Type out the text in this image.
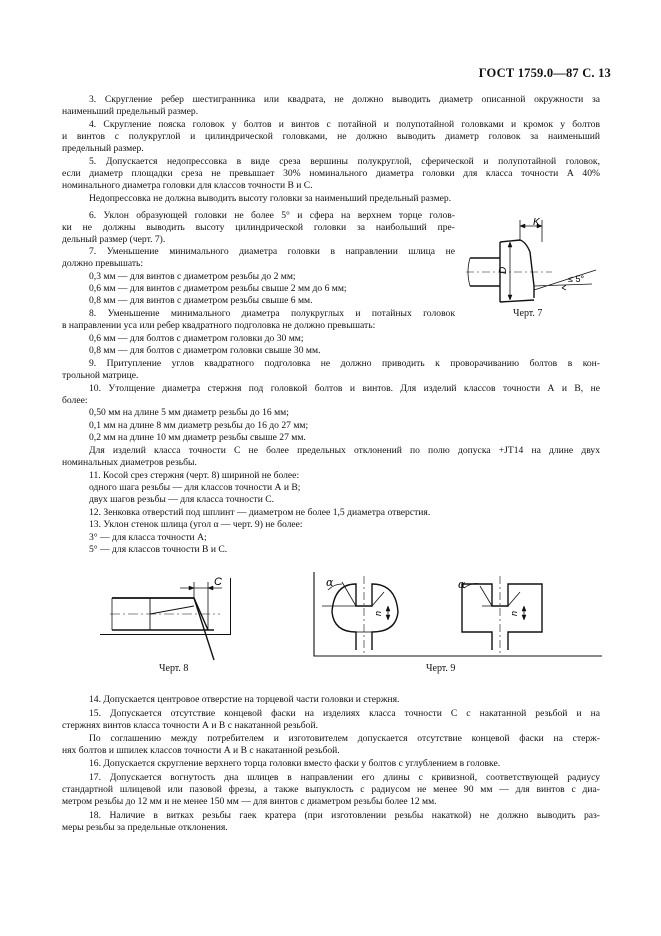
ГОСТ 1759.0—87 С. 13
3. Скругление ребер шестигранника или квадрата, не должно выводить диаметр описанной окружности за
наименьший предельный размер.
4. Скругление пояска головок у болтов и винтов с потайной и полупотайной головками и кромок у болтов
и винтов с полукруглой и цилиндрической головками, не должно выводить диаметр головок за наименьший
предельный размер.
5. Допускается недопрессовка в виде среза вершины полукруглой, сферической и полупотайной головок,
если диаметр площадки среза не превышает 30% номинального диаметра головки для класса точности А 40%
номинального диаметра головки для классов точности В и С.
Недопрессовка не должна выводить высоту головки за наименьший предельный размер.
6. Уклон образующей головки не более 5° и сфера на верхнем торце голов-
ки не должны выводить высоту цилиндрической головки за наибольший пре-
дельный размер (черт. 7).
7. Уменьшение минимального диаметра головки в направлении шлица не
должно превышать:
0,3 мм — для винтов с диаметром резьбы до 2 мм;
0,6 мм — для винтов с диаметром резьбы свыше 2 мм до 6 мм;
0,8 мм — для винтов с диаметром резьбы свыше 6 мм.
8. Уменьшение минимального диаметра полукруглых и потайных головок
в направлении уса или ребер квадратного подголовка не должно превышать:
0,6 мм — для болтов с диаметром головки до 30 мм;
0,8 мм — для болтов с диаметром головки свыше 30 мм.
K
D
≤ 5°
Черт. 7
9. Притупление углов квадратного подголовка не должно приводить к проворачиванию болтов в кон-
трольной матрице.
10. Утолщение диаметра стержня под головкой болтов и винтов. Для изделий классов точности А и В, не
более:
0,50 мм на длине 5 мм диаметр резьбы до 16 мм;
0,1 мм на длине 8 мм диаметр резьбы до 16 до 27 мм;
0,2 мм на длине 10 мм диаметр резьбы свыше 27 мм.
Для изделий класса точности С не более предельных отклонений по полю допуска +JT14 на длине двух
номинальных диаметров резьбы.
11. Косой срез стержня (черт. 8) шириной не более:
одного шага резьбы — для классов точности А и В;
двух шагов резьбы — для класса точности С.
12. Зенковка отверстий под шплинт — диаметром не более 1,5 диаметра отверстия.
13. Уклон стенок шлица (угол α — черт. 9) не более:
3° — для класса точности А;
5° — для классов точности В и С.
C
Черт. 8
α
n
α
n
Черт. 9
14. Допускается центровое отверстие на торцевой части головки и стержня.
15. Допускается отсутствие концевой фаски на изделиях класса точности С с накатанной резьбой и на
стержнях винтов класса точности А и В с накатанной резьбой.
По соглашению между потребителем и изготовителем допускается отсутствие концевой фаски на стерж-
нях болтов и шпилек классов точности А и В с накатанной резьбой.
16. Допускается скругление верхнего торца головки вместо фаски у болтов с углублением в головке.
17. Допускается вогнутость дна шлицев в направлении его длины с кривизной, соответствующей радиусу
стандартной шлицевой или пазовой фрезы, а также выпуклость с радиусом не менее 90 мм — для винтов с диа-
метром резьбы до 12 мм и не менее 150 мм — для винтов с диаметром резьбы более 12 мм.
18. Наличие в витках резьбы гаек кратера (при изготовлении резьбы накаткой) не должно выводить раз-
меры резьбы за предельные отклонения.
